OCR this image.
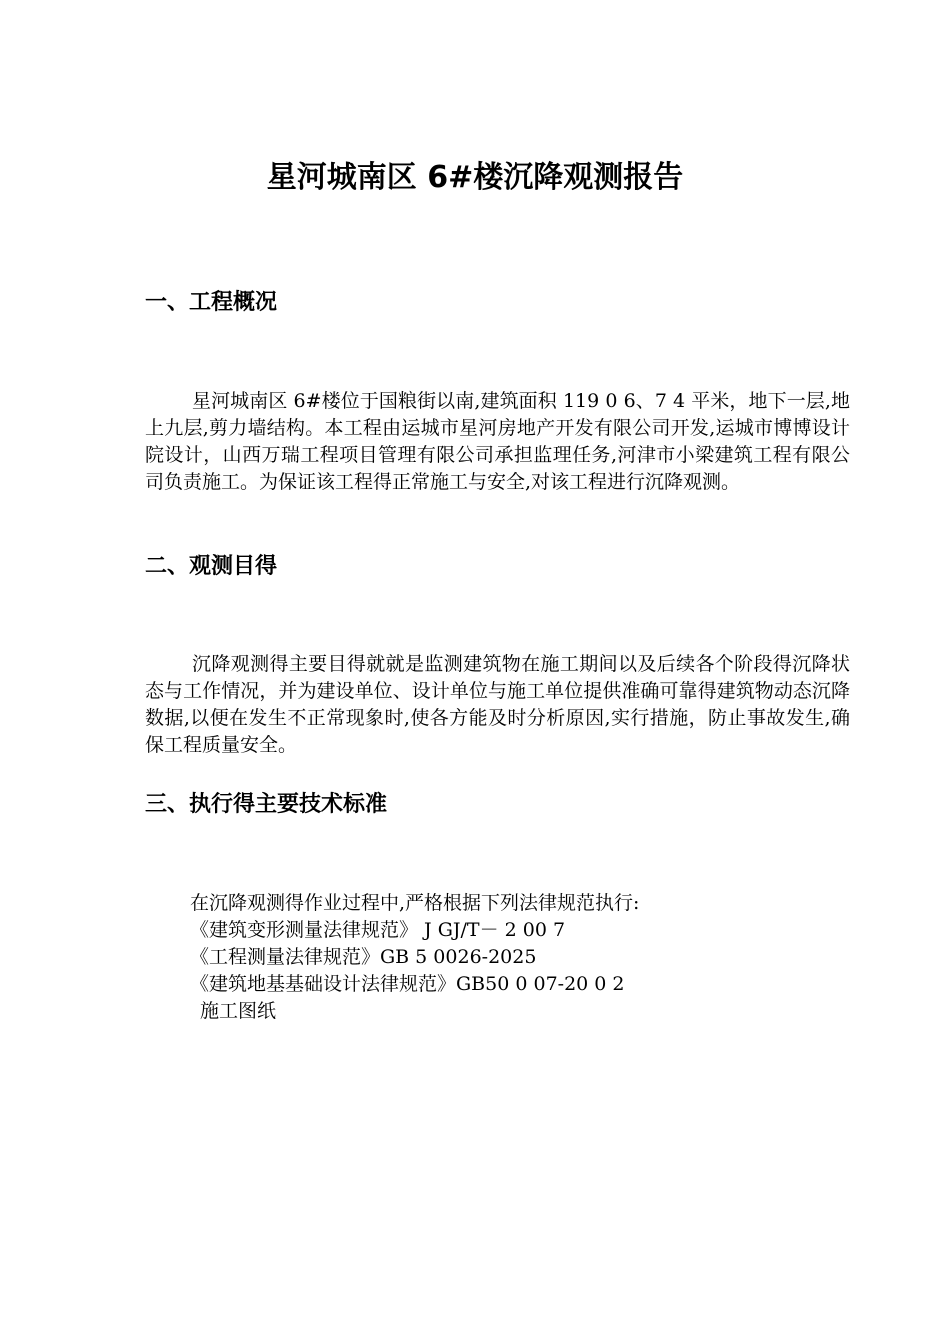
星河城南区 6#楼沉降观测报告
一、工程概况

星河城南区 6#楼位于国粮街以南,建筑面积 119 0 6、7 4 平米，地下一层,地上九层,剪力墙结构。本工程由运城市星河房地产开发有限公司开发,运城市博博设计院设计，山西万瑞工程项目管理有限公司承担监理任务,河津市小梁建筑工程有限公司负责施工。为保证该工程得正常施工与安全,对该工程进行沉降观测。

二、观测目得

沉降观测得主要目得就就是监测建筑物在施工期间以及后续各个阶段得沉降状态与工作情况，并为建设单位、设计单位与施工单位提供准确可靠得建筑物动态沉降数据,以便在发生不正常现象时,使各方能及时分析原因,实行措施，防止事故发生,确保工程质量安全。

三、执行得主要技术标准
在沉降观测得作业过程中,严格根据下列法律规范执行:
《建筑变形测量法律规范》 J GJ/T－ 2 00 7
《工程测量法律规范》GB 5 0026-2025
《建筑地基基础设计法律规范》GB50 0 07-20 0 2
施工图纸
